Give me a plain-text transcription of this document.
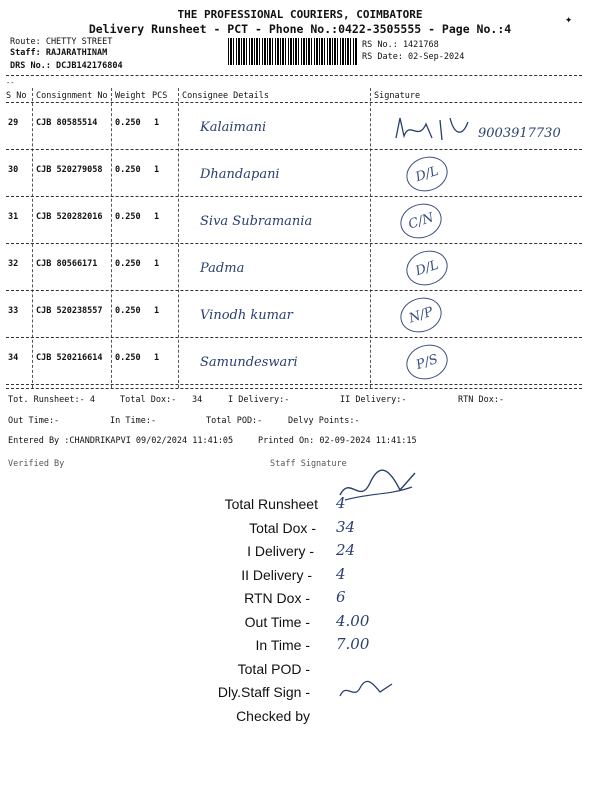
THE PROFESSIONAL COURIERS, COIMBATORE
Delivery Runsheet - PCT - Phone No.:0422-3505555 - Page No.:4
Route: CHETTY STREET
Staff: RAJARATHINAM
DRS No.: DCJB142176804
RS No.: 1421768
RS Date: 02-Sep-2024
--
S No Consignment No Weight PCS Consignee Details	Signature
29 CJB 80585514 0.250 1	Kalaimani	9003917730
30 CJB 520279058 0.250 1	Dhandapani	D/L
31 CJB 520282016 0.250 1	Siva Subramania	C/N
32 CJB 80566171 0.250 1	Padma	D/L
33 CJB 520238557 0.250 1	Vinodh kumar	N/P
34 CJB 520216614 0.250 1	Samundeswari	P/S
Tot. Runsheet:- 4	Total Dox:- 34	I Delivery:-	II Delivery:-	RTN Dox:-
Out Time:-	In Time:-	Total POD:-	Delvy Points:-
Entered By :CHANDRIKAPVI 09/02/2024 11:41:05	Printed On: 02-09-2024 11:41:15
Verified By	Staff Signature
Total Runsheet 4
Total Dox - 34
I Delivery - 24
II Delivery - 4
RTN Dox - 6
Out Time - 4.00
In Time - 7.00
Total POD -
Dly.Staff Sign -
Checked by
✦
